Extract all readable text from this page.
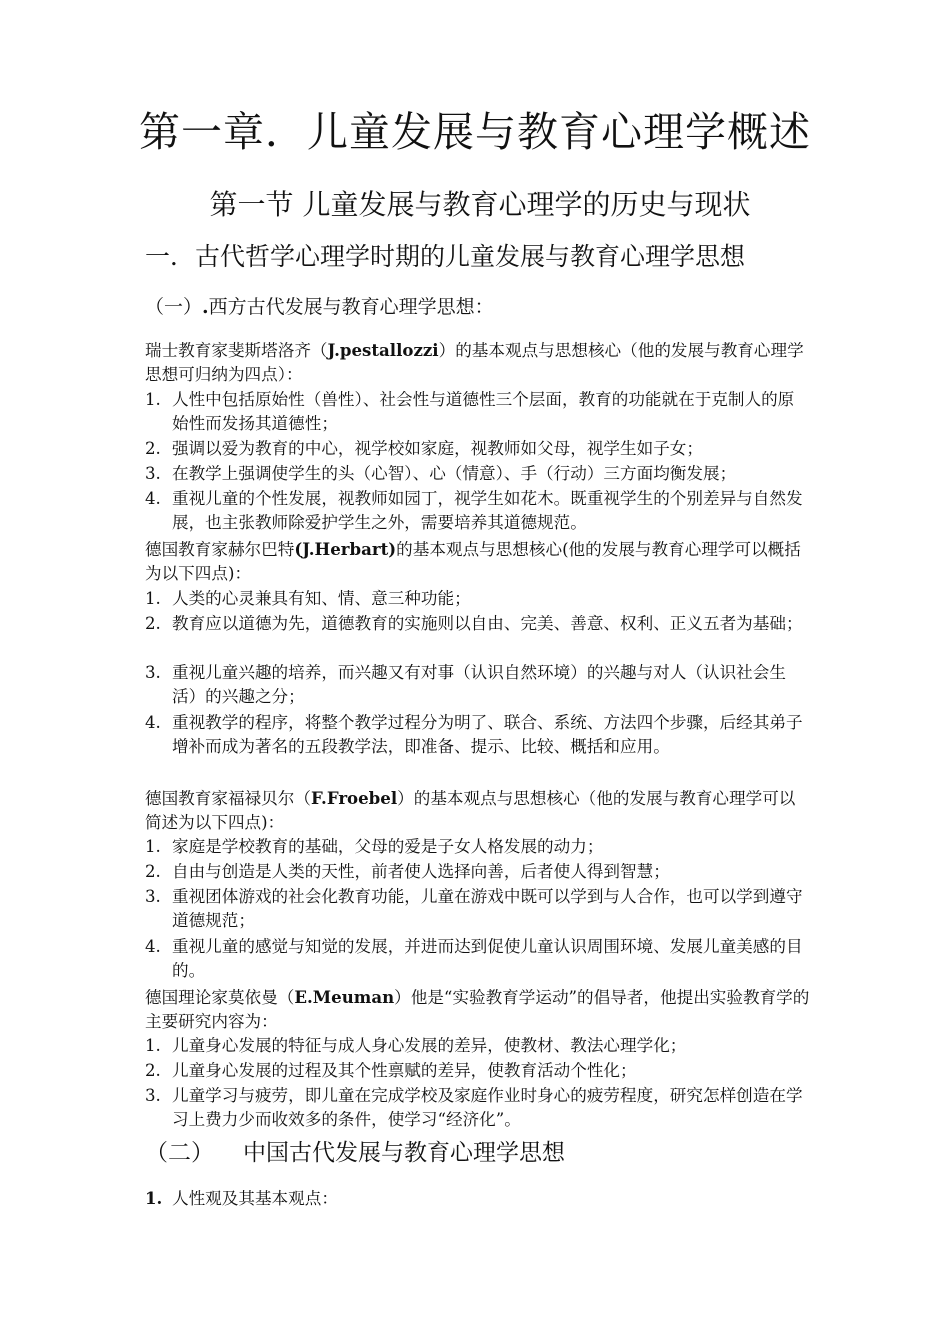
第一章．儿童发展与教育心理学概述
第一节 儿童发展与教育心理学的历史与现状
一．古代哲学心理学时期的儿童发展与教育心理学思想
（一）.西方古代发展与教育心理学思想：

瑞士教育家斐斯塔洛齐（J.pestallozzi）的基本观点与思想核心（他的发展与教育心理学思想可归纳为四点）：

1. 人性中包括原始性（兽性）、社会性与道德性三个层面，教育的功能就在于克制人的原始性而发扬其道德性；

2. 强调以爱为教育的中心，视学校如家庭，视教师如父母，视学生如子女；

3. 在教学上强调使学生的头（心智）、心（情意）、手（行动）三方面均衡发展；

4. 重视儿童的个性发展，视教师如园丁，视学生如花木。既重视学生的个别差异与自然发展，也主张教师除爱护学生之外，需要培养其道德规范。

德国教育家赫尔巴特(J.Herbart)的基本观点与思想核心(他的发展与教育心理学可以概括为以下四点)：

1. 人类的心灵兼具有知、情、意三种功能；

2. 教育应以道德为先，道德教育的实施则以自由、完美、善意、权利、正义五者为基础；

3. 重视儿童兴趣的培养，而兴趣又有对事（认识自然环境）的兴趣与对人（认识社会生活）的兴趣之分；

4. 重视教学的程序，将整个教学过程分为明了、联合、系统、方法四个步骤，后经其弟子增补而成为著名的五段教学法，即准备、提示、比较、概括和应用。

德国教育家福禄贝尔（F.Froebel）的基本观点与思想核心（他的发展与教育心理学可以简述为以下四点)：

1. 家庭是学校教育的基础，父母的爱是子女人格发展的动力；

2. 自由与创造是人类的天性，前者使人选择向善，后者使人得到智慧；

3. 重视团体游戏的社会化教育功能，儿童在游戏中既可以学到与人合作，也可以学到遵守道德规范；

4. 重视儿童的感觉与知觉的发展，并进而达到促使儿童认识周围环境、发展儿童美感的目的。

德国理论家莫依曼（E.Meuman）他是“实验教育学运动”的倡导者，他提出实验教育学的主要研究内容为：

1. 儿童身心发展的特征与成人身心发展的差异，使教材、教法心理学化；

2. 儿童身心发展的过程及其个性禀赋的差异，使教育活动个性化；

3. 儿童学习与疲劳，即儿童在完成学校及家庭作业时身心的疲劳程度，研究怎样创造在学习上费力少而收效多的条件，使学习“经济化”。

（二） 中国古代发展与教育心理学思想

1. 人性观及其基本观点：
